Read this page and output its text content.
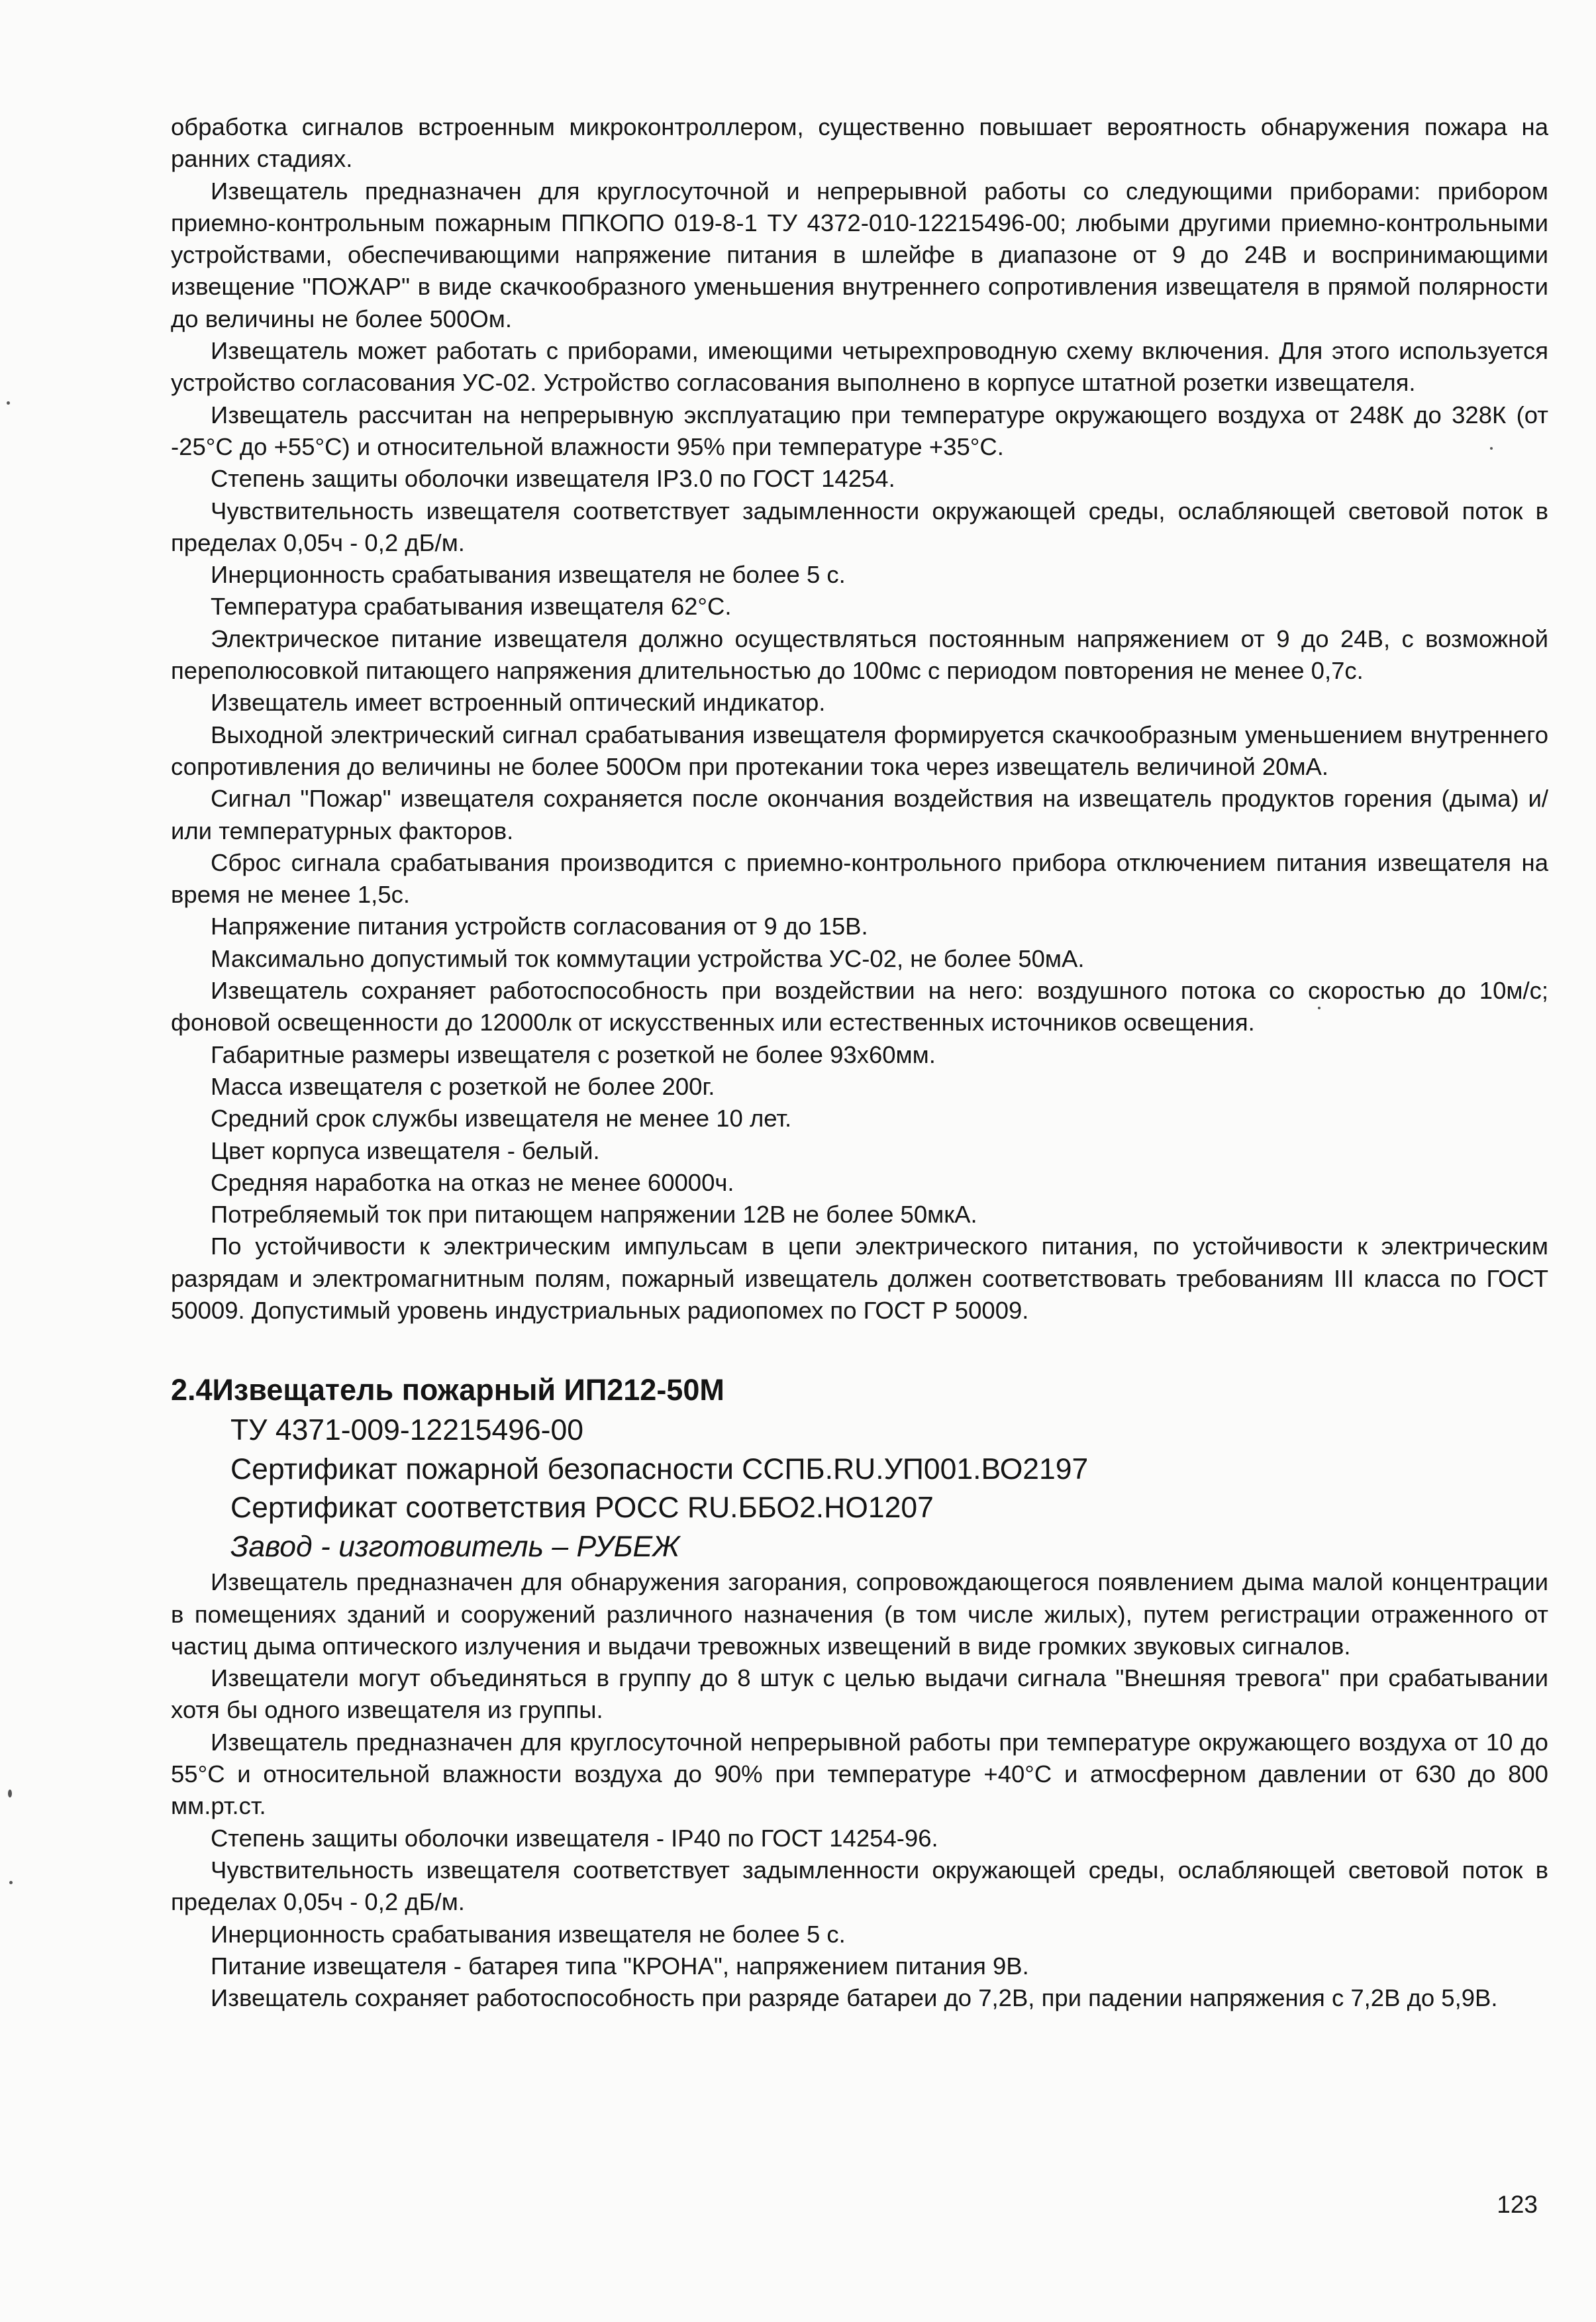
обработка сигналов встроенным микроконтроллером, существенно повышает вероятность обнаружения пожара на ранних стадиях.

Извещатель предназначен для круглосуточной и непрерывной работы со следующими приборами: прибором приемно-контрольным пожарным ППКОПО 019-8-1 ТУ 4372-010-12215496-00; любыми другими приемно-контрольными устройствами, обеспечивающими напряжение питания в шлейфе в диапазоне от 9 до 24В и воспринимающими извещение "ПОЖАР" в виде скачкообразного уменьшения внутреннего сопротивления извещателя в прямой полярности до величины не более 500Ом.

Извещатель может работать с приборами, имеющими четырехпроводную схему включения. Для этого используется устройство согласования УС-02. Устройство согласования выполнено в корпусе штатной розетки извещателя.

Извещатель рассчитан на непрерывную эксплуатацию при температуре окружающего воздуха от 248К до 328К (от -25°С до +55°С) и относительной влажности 95% при температуре +35°С.

Степень защиты оболочки извещателя IP3.0 по ГОСТ 14254.

Чувствительность извещателя соответствует задымленности окружающей среды, ослабляющей световой поток в пределах 0,05ч - 0,2 дБ/м.

Инерционность срабатывания извещателя не более 5 с.

Температура срабатывания извещателя 62°С.

Электрическое питание извещателя должно осуществляться постоянным напряжением от 9 до 24В, с возможной переполюсовкой питающего напряжения длительностью до 100мс с периодом повторения не менее 0,7с.

Извещатель имеет встроенный оптический индикатор.

Выходной электрический сигнал срабатывания извещателя формируется скачкообразным уменьшением внутреннего сопротивления до величины не более 500Ом при протекании тока через извещатель величиной 20мА.

Сигнал "Пожар" извещателя сохраняется после окончания воздействия на извещатель продуктов горения (дыма) и/или температурных факторов.

Сброс сигнала срабатывания производится с приемно-контрольного прибора отключением питания извещателя на время не менее 1,5с.

Напряжение питания устройств согласования от 9 до 15В.

Максимально допустимый ток коммутации устройства УС-02, не более 50мА.

Извещатель сохраняет работоспособность при воздействии на него: воздушного потока со скоростью до 10м/с; фоновой освещенности до 12000лк от искусственных или естественных источников освещения.

Габаритные размеры извещателя с розеткой не более 93х60мм.

Масса извещателя с розеткой не более 200г.

Средний срок службы извещателя не менее 10 лет.

Цвет корпуса извещателя - белый.

Средняя наработка на отказ не менее 60000ч.

Потребляемый ток при питающем напряжении 12В не более 50мкА.

По устойчивости к электрическим импульсам в цепи электрического питания, по устойчивости к электрическим разрядам и электромагнитным полям, пожарный извещатель должен соответствовать требованиям III класса по ГОСТ 50009. Допустимый уровень индустриальных радиопомех по ГОСТ Р 50009.

2.4Извещатель пожарный ИП212-50М
ТУ 4371-009-12215496-00
Сертификат пожарной безопасности ССПБ.RU.УП001.ВО2197
Сертификат соответствия РОСС RU.ББО2.НО1207
Завод - изготовитель – РУБЕЖ

Извещатель предназначен для обнаружения загорания, сопровождающегося появлением дыма малой концентрации в помещениях зданий и сооружений различного назначения (в том числе жилых), путем регистрации отраженного от частиц дыма оптического излучения и выдачи тревожных извещений в виде громких звуковых сигналов.

Извещатели могут объединяться в группу до 8 штук с целью выдачи сигнала "Внешняя тревога" при срабатывании хотя бы одного извещателя из группы.

Извещатель предназначен для круглосуточной непрерывной работы при температуре окружающего воздуха от 10 до 55°С и относительной влажности воздуха до 90% при температуре +40°С и атмосферном давлении от 630 до 800 мм.рт.ст.

Степень защиты оболочки извещателя - IP40 по ГОСТ 14254-96.

Чувствительность извещателя соответствует задымленности окружающей среды, ослабляющей световой поток в пределах 0,05ч - 0,2 дБ/м.

Инерционность срабатывания извещателя не более 5 с.

Питание извещателя - батарея типа "КРОНА", напряжением питания 9В.

Извещатель сохраняет работоспособность при разряде батареи до 7,2В, при падении напряжения с 7,2В до 5,9В.

123
